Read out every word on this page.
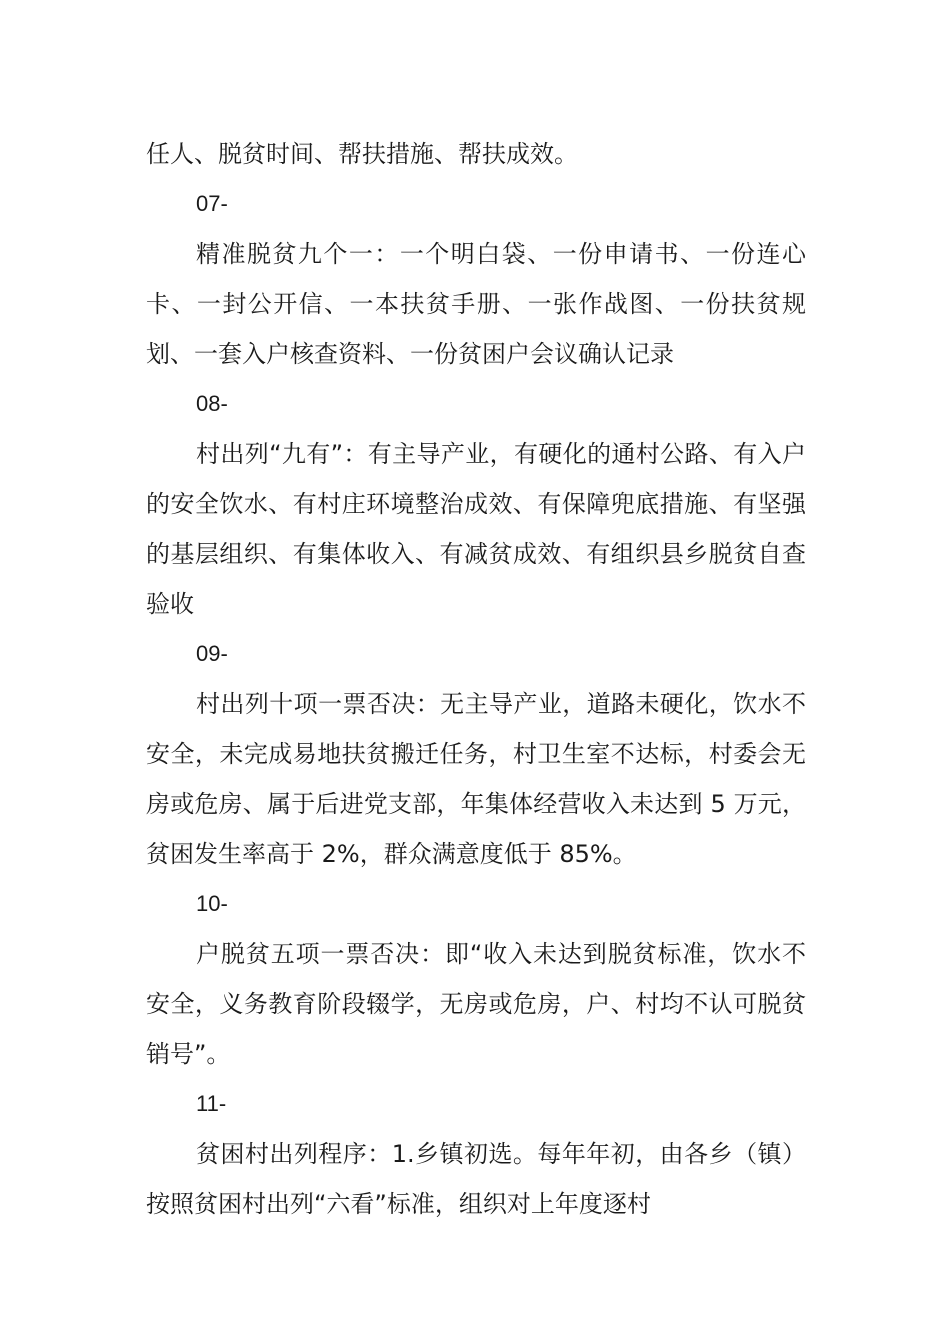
任人、脱贫时间、帮扶措施、帮扶成效。

07-

精准脱贫九个一：一个明白袋、一份申请书、一份连心卡、一封公开信、一本扶贫手册、一张作战图、一份扶贫规划、一套入户核查资料、一份贫困户会议确认记录

08-

村出列“九有”：有主导产业，有硬化的通村公路、有入户的安全饮水、有村庄环境整治成效、有保障兜底措施、有坚强的基层组织、有集体收入、有减贫成效、有组织县乡脱贫自查验收

09-

村出列十项一票否决：无主导产业，道路未硬化，饮水不安全，未完成易地扶贫搬迁任务，村卫生室不达标，村委会无房或危房、属于后进党支部，年集体经营收入未达到 5 万元，贫困发生率高于 2%，群众满意度低于 85%。

10-

户脱贫五项一票否决：即“收入未达到脱贫标准，饮水不安全，义务教育阶段辍学，无房或危房，户、村均不认可脱贫销号”。

11-

贫困村出列程序：1.乡镇初选。每年年初，由各乡（镇）按照贫困村出列“六看”标准，组织对上年度逐村
